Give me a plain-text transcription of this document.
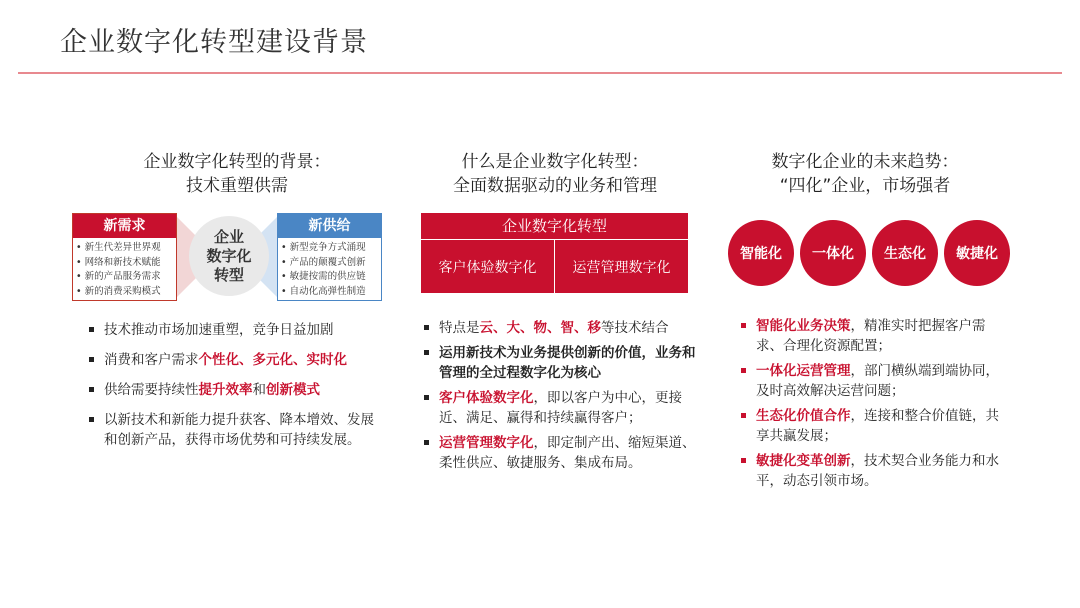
企业数字化转型建设背景
企业数字化转型的背景：
技术重塑供需
新需求
• 新生代差异世界观
• 网络和新技术赋能
• 新的产品服务需求
• 新的消费采购模式
企业
数字化
转型
新供给
• 新型竞争方式涌现
• 产品的颠覆式创新
• 敏捷按需的供应链
• 自动化高弹性制造
技术推动市场加速重塑，竞争日益加剧
消费和客户需求个性化、多元化、实时化
供给需要持续性提升效率和创新模式
以新技术和新能力提升获客、降本增效、发展和创新产品，获得市场优势和可持续发展。
什么是企业数字化转型：
全面数据驱动的业务和管理
企业数字化转型
客户体验数字化	运营管理数字化
特点是云、大、物、智、移等技术结合
运用新技术为业务提供创新的价值，业务和管理的全过程数字化为核心
客户体验数字化，即以客户为中心，更接近、满足、赢得和持续赢得客户；
运营管理数字化，即定制产出、缩短渠道、柔性供应、敏捷服务、集成布局。
数字化企业的未来趋势：
“四化”企业，市场强者
智能化	一体化	生态化	敏捷化
智能化业务决策，精准实时把握客户需求、合理化资源配置；
一体化运营管理，部门横纵端到端协同，及时高效解决运营问题；
生态化价值合作，连接和整合价值链，共享共赢发展；
敏捷化变革创新，技术契合业务能力和水平，动态引领市场。
